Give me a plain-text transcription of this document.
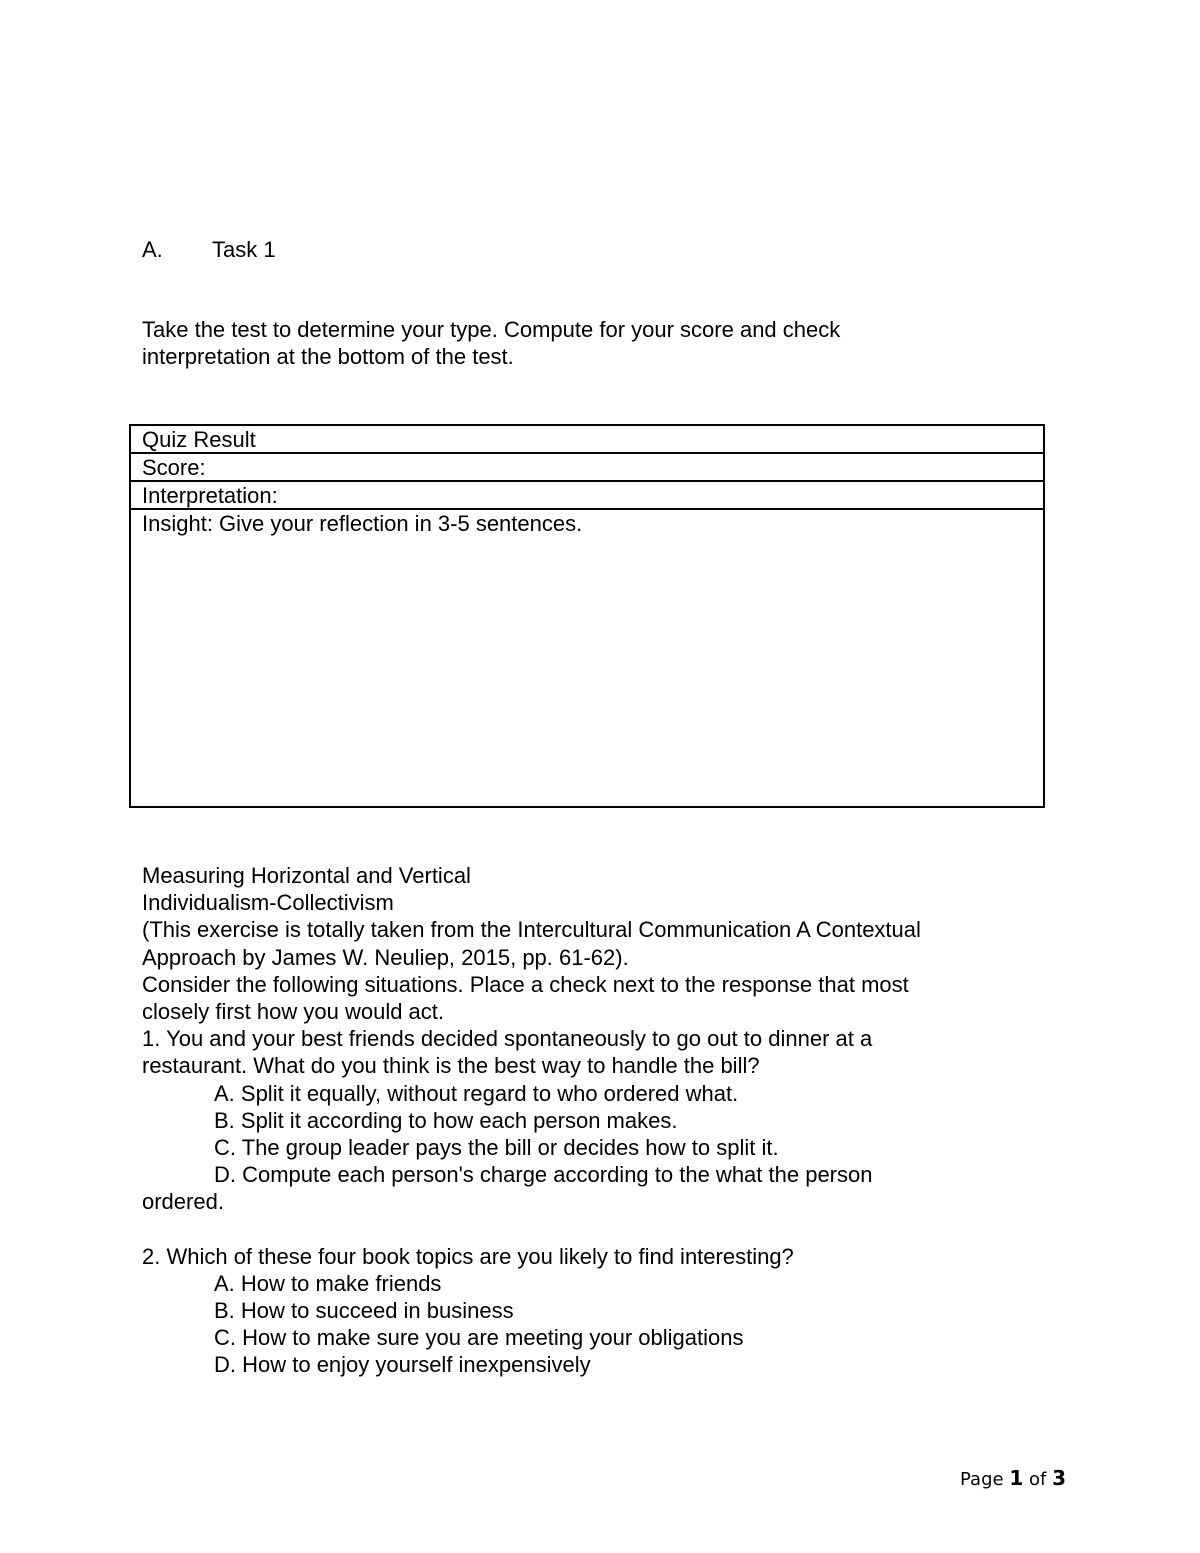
A. Task 1
Take the test to determine your type. Compute for your score and check
interpretation at the bottom of the test.
Quiz Result
Score:
Interpretation:
Insight: Give your reflection in 3-5 sentences.
Measuring Horizontal and Vertical
Individualism-Collectivism
(This exercise is totally taken from the Intercultural Communication A Contextual
Approach by James W. Neuliep, 2015, pp. 61-62).
Consider the following situations. Place a check next to the response that most
closely first how you would act.
1. You and your best friends decided spontaneously to go out to dinner at a
restaurant. What do you think is the best way to handle the bill?
A. Split it equally, without regard to who ordered what.
B. Split it according to how each person makes.
C. The group leader pays the bill or decides how to split it.
D. Compute each person's charge according to the what the person
ordered.
2. Which of these four book topics are you likely to find interesting?
A. How to make friends
B. How to succeed in business
C. How to make sure you are meeting your obligations
D. How to enjoy yourself inexpensively
Page 1 of 3
